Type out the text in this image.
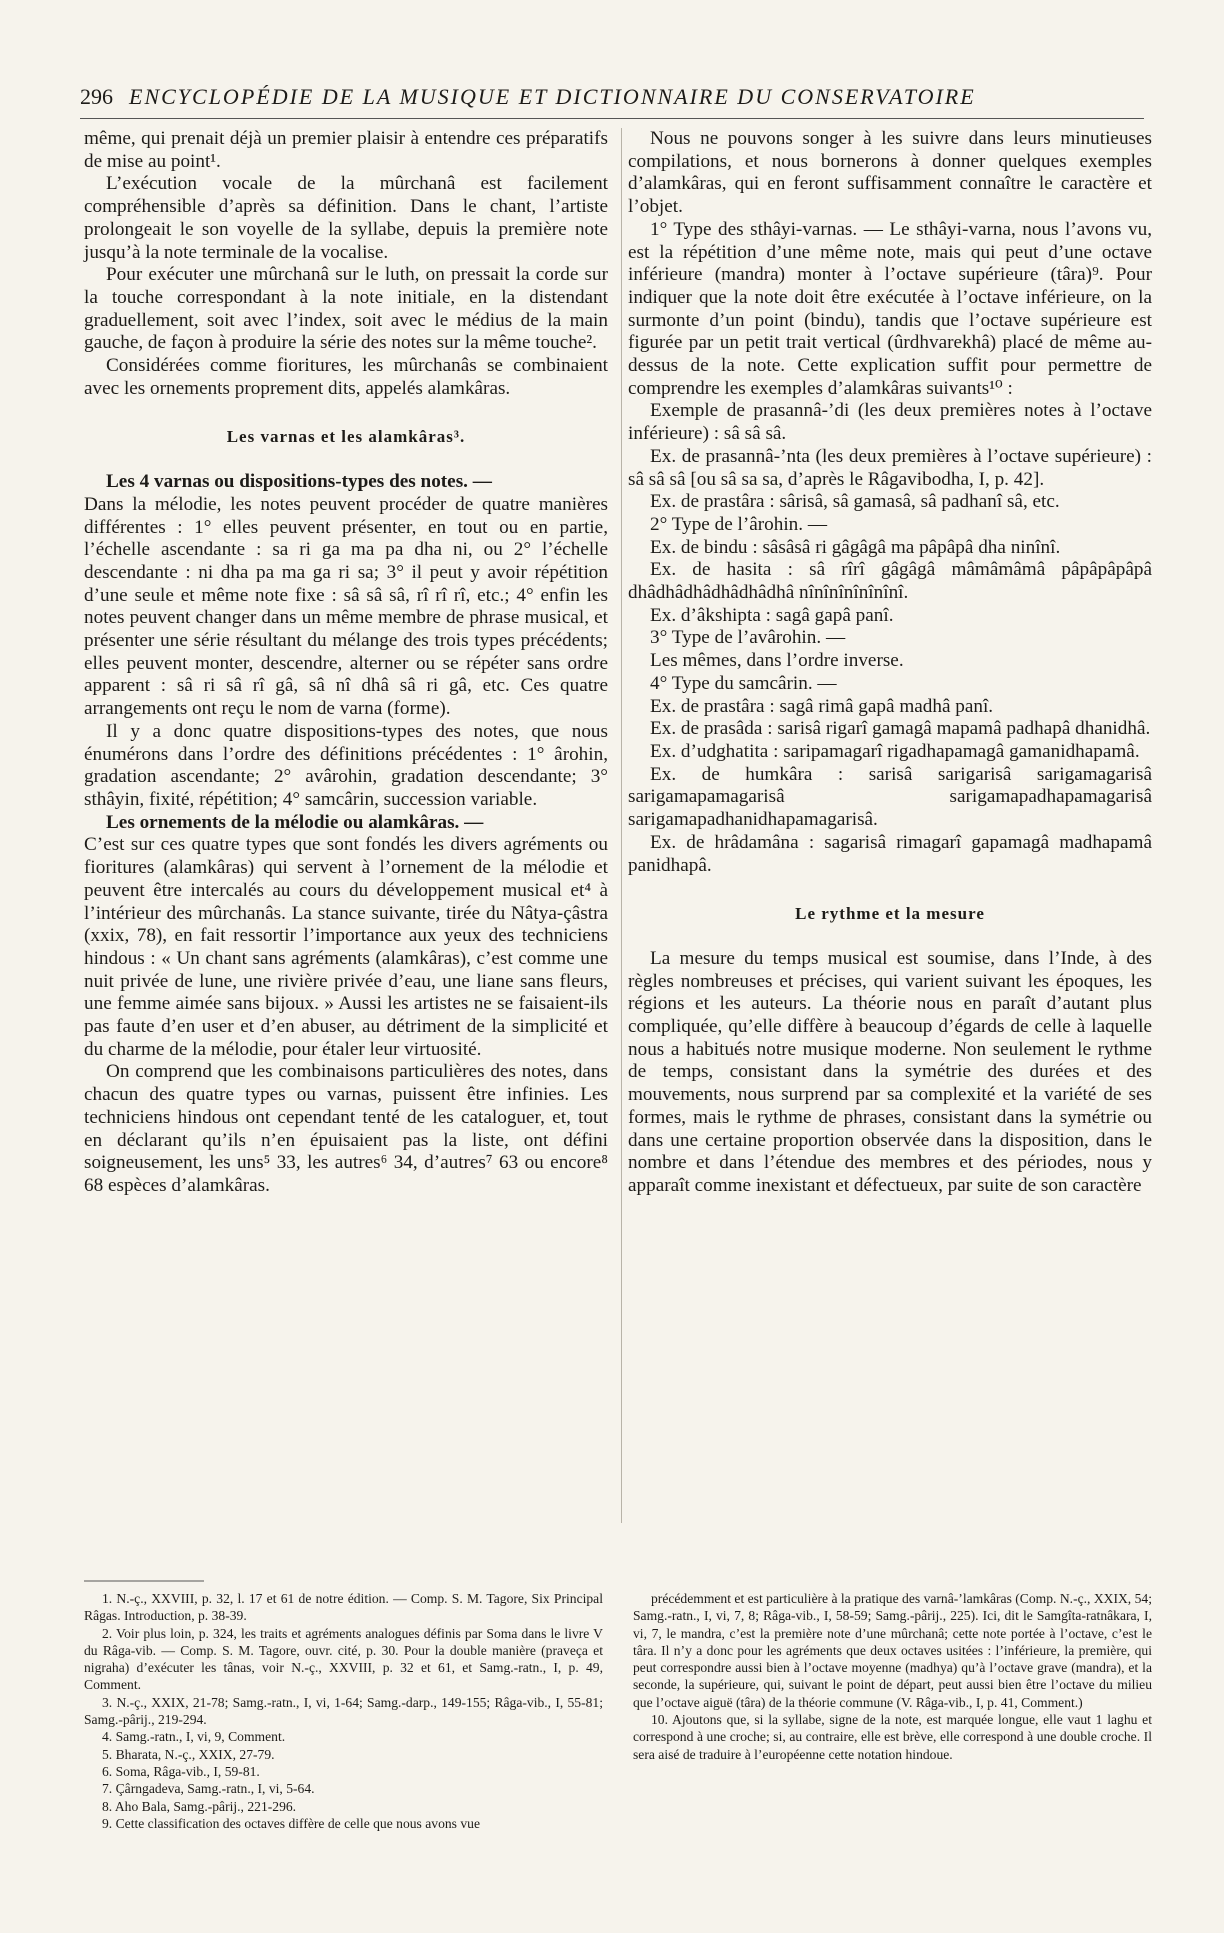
296 ENCYCLOPÉDIE DE LA MUSIQUE ET DICTIONNAIRE DU CONSERVATOIRE

même, qui prenait déjà un premier plaisir à entendre ces préparatifs de mise au point¹.

L’exécution vocale de la mûrchanâ est facilement compréhensible d’après sa définition. Dans le chant, l’artiste prolongeait le son voyelle de la syllabe, depuis la première note jusqu’à la note terminale de la vocalise.

Pour exécuter une mûrchanâ sur le luth, on pressait la corde sur la touche correspondant à la note initiale, en la distendant graduellement, soit avec l’index, soit avec le médius de la main gauche, de façon à produire la série des notes sur la même touche².

Considérées comme fioritures, les mûrchanâs se combinaient avec les ornements proprement dits, appelés alamkâras.

Les varnas et les alamkâras³.

Les 4 varnas ou dispositions-types des notes. —

Dans la mélodie, les notes peuvent procéder de quatre manières différentes : 1° elles peuvent présenter, en tout ou en partie, l’échelle ascendante : sa ri ga ma pa dha ni, ou 2° l’échelle descendante : ni dha pa ma ga ri sa; 3° il peut y avoir répétition d’une seule et même note fixe : sâ sâ sâ, rî rî rî, etc.; 4° enfin les notes peuvent changer dans un même membre de phrase musical, et présenter une série résultant du mélange des trois types précédents; elles peuvent monter, descendre, alterner ou se répéter sans ordre apparent : sâ ri sâ rî gâ, sâ nî dhâ sâ ri gâ, etc. Ces quatre arrangements ont reçu le nom de varna (forme).

Il y a donc quatre dispositions-types des notes, que nous énumérons dans l’ordre des définitions précédentes : 1° ârohin, gradation ascendante; 2° avârohin, gradation descendante; 3° sthâyin, fixité, répétition; 4° samcârin, succession variable.

Les ornements de la mélodie ou alamkâras. —

C’est sur ces quatre types que sont fondés les divers agréments ou fioritures (alamkâras) qui servent à l’ornement de la mélodie et peuvent être intercalés au cours du développement musical et⁴ à l’intérieur des mûrchanâs. La stance suivante, tirée du Nâtya-çâstra (xxix, 78), en fait ressortir l’importance aux yeux des techniciens hindous : « Un chant sans agréments (alamkâras), c’est comme une nuit privée de lune, une rivière privée d’eau, une liane sans fleurs, une femme aimée sans bijoux. » Aussi les artistes ne se faisaient-ils pas faute d’en user et d’en abuser, au détriment de la simplicité et du charme de la mélodie, pour étaler leur virtuosité.

On comprend que les combinaisons particulières des notes, dans chacun des quatre types ou varnas, puissent être infinies. Les techniciens hindous ont cependant tenté de les cataloguer, et, tout en déclarant qu’ils n’en épuisaient pas la liste, ont défini soigneusement, les uns⁵ 33, les autres⁶ 34, d’autres⁷ 63 ou encore⁸ 68 espèces d’alamkâras.

Nous ne pouvons songer à les suivre dans leurs minutieuses compilations, et nous bornerons à donner quelques exemples d’alamkâras, qui en feront suffisamment connaître le caractère et l’objet.

1° Type des sthâyi-varnas. — Le sthâyi-varna, nous l’avons vu, est la répétition d’une même note, mais qui peut d’une octave inférieure (mandra) monter à l’octave supérieure (târa)⁹. Pour indiquer que la note doit être exécutée à l’octave inférieure, on la surmonte d’un point (bindu), tandis que l’octave supérieure est figurée par un petit trait vertical (ûrdhvarekhâ) placé de même au-dessus de la note. Cette explication suffit pour permettre de comprendre les exemples d’alamkâras suivants¹⁰ :

Exemple de prasannâ-’di (les deux premières notes à l’octave inférieure) : sâ sâ sâ.

Ex. de prasannâ-’nta (les deux premières à l’octave supérieure) : sâ sâ sâ [ou sâ sa sa, d’après le Râgavibodha, I, p. 42].

Ex. de prastâra : sârisâ, sâ gamasâ, sâ padhanî sâ, etc.

2° Type de l’ârohin. —

Ex. de bindu : sâsâsâ ri gâgâgâ ma pâpâpâ dha ninînî.

Ex. de hasita : sâ rîrî gâgâgâ mâmâmâmâ pâpâpâpâpâ dhâdhâdhâdhâdhâdhâ nînînînînînînî.

Ex. d’âkshipta : sagâ gapâ panî.

3° Type de l’avârohin. —

Les mêmes, dans l’ordre inverse.

4° Type du samcârin. —

Ex. de prastâra : sagâ rimâ gapâ madhâ panî.

Ex. de prasâda : sarisâ rigarî gamagâ mapamâ padhapâ dhanidhâ.

Ex. d’udghatita : saripamagarî rigadhapamagâ gamanidhapamâ.

Ex. de humkâra : sarisâ sarigarisâ sarigamagarisâ sarigamapamagarisâ sarigamapadhapamagarisâ sarigamapadhanidhapamagarisâ.

Ex. de hrâdamâna : sagarisâ rimagarî gapamagâ madhapamâ panidhapâ.

Le rythme et la mesure

La mesure du temps musical est soumise, dans l’Inde, à des règles nombreuses et précises, qui varient suivant les époques, les régions et les auteurs. La théorie nous en paraît d’autant plus compliquée, qu’elle diffère à beaucoup d’égards de celle à laquelle nous a habitués notre musique moderne. Non seulement le rythme de temps, consistant dans la symétrie des durées et des mouvements, nous surprend par sa complexité et la variété de ses formes, mais le rythme de phrases, consistant dans la symétrie ou dans une certaine proportion observée dans la disposition, dans le nombre et dans l’étendue des membres et des périodes, nous y apparaît comme inexistant et défectueux, par suite de son caractère

1. N.-ç., XXVIII, p. 32, l. 17 et 61 de notre édition. — Comp. S. M. Tagore, Six Principal Râgas. Introduction, p. 38-39.

2. Voir plus loin, p. 324, les traits et agréments analogues définis par Soma dans le livre V du Râga-vib. — Comp. S. M. Tagore, ouvr. cité, p. 30. Pour la double manière (praveça et nigraha) d’exécuter les tânas, voir N.-ç., XXVIII, p. 32 et 61, et Samg.-ratn., I, p. 49, Comment.

3. N.-ç., XXIX, 21-78; Samg.-ratn., I, vi, 1-64; Samg.-darp., 149-155; Râga-vib., I, 55-81; Samg.-pârij., 219-294.

4. Samg.-ratn., I, vi, 9, Comment.

5. Bharata, N.-ç., XXIX, 27-79.

6. Soma, Râga-vib., I, 59-81.

7. Çârngadeva, Samg.-ratn., I, vi, 5-64.

8. Aho Bala, Samg.-pârij., 221-296.

9. Cette classification des octaves diffère de celle que nous avons vue

précédemment et est particulière à la pratique des varnâ-’lamkâras (Comp. N.-ç., XXIX, 54; Samg.-ratn., I, vi, 7, 8; Râga-vib., I, 58-59; Samg.-pârij., 225). Ici, dit le Samgîta-ratnâkara, I, vi, 7, le mandra, c’est la première note d’une mûrchanâ; cette note portée à l’octave, c’est le târa. Il n’y a donc pour les agréments que deux octaves usitées : l’inférieure, la première, qui peut correspondre aussi bien à l’octave moyenne (madhya) qu’à l’octave grave (mandra), et la seconde, la supérieure, qui, suivant le point de départ, peut aussi bien être l’octave du milieu que l’octave aiguë (târa) de la théorie commune (V. Râga-vib., I, p. 41, Comment.)

10. Ajoutons que, si la syllabe, signe de la note, est marquée longue, elle vaut 1 laghu et correspond à une croche; si, au contraire, elle est brève, elle correspond à une double croche. Il sera aisé de traduire à l’européenne cette notation hindoue.
